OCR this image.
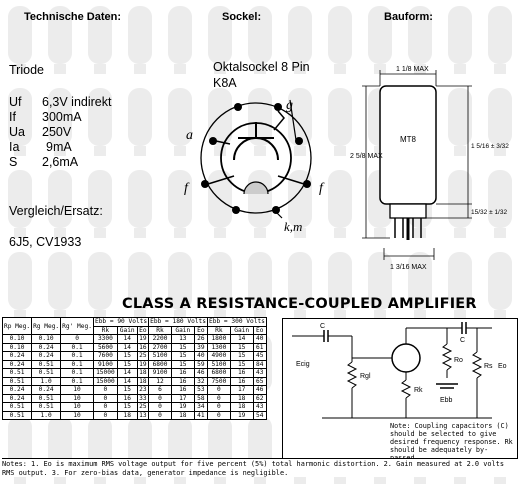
Technische Daten:	Sockel:	Bauform:
Triode
Uf 6,3V indirekt
If 300mA
Ua 250V
Ia 9mA
S 2,6mA
Vergleich/Ersatz:
6J5, CV1933
Oktalsockel 8 Pin
K8A
a
g
f	f
k,m
1 1/8 MAX
2 5/8 MAX
MT8
1 5/16 ± 3/32
15/32 ± 1/32
1 3/16 MAX
CLASS A RESISTANCE-COUPLED AMPLIFIER
Rp Meg.	Rg Meg.	Rg' Meg.	Ebb = 90 Volts			Ebb = 180 Volts			Ebb = 300 Volts		
			Rk	Gain	Eo	Rk	Gain	Eo	Rk	Gain	Eo
0.10	0.10	0	3300	14	19	2200	13	26	1800	14	40
0.10	0.24	0.1	5600	14	16	2700	15	39	1300	15	61
0.24	0.24	0.1	7600	15	25	5100	15	40	4900	15	45
0.24	0.51	0.1	9100	15	19	6800	15	59	5100	15	84
0.51	0.51	0.1	15000	14	18	9100	16	46	6800	16	43
0.51	1.0	0.1	15000	14	18	12	16	32	7500	16	65
0.24	0.24	10	0	15	23	6	16	53	0	17	46
0.24	0.51	10	0	16	33	0	17	58	0	18	62
0.51	0.51	10	0	15	25	0	19	34	0	18	43
0.51	1.0	10	0	18	13	0	18	41	0	19	54
C
Ecig
Rgl
Rk
Ro
Rs Eo
Ebb
C
Note: Coupling capacitors (C) should be selected to give desired frequency response. Rk should be adequately by-
Notes: 1. Eo is maximum RMS voltage output for five percent (5%) total harmonic distortion. 2. Gain measured at 2.0 volts RMS output. 3. For zero-bias data, generator impedance is negligible.
